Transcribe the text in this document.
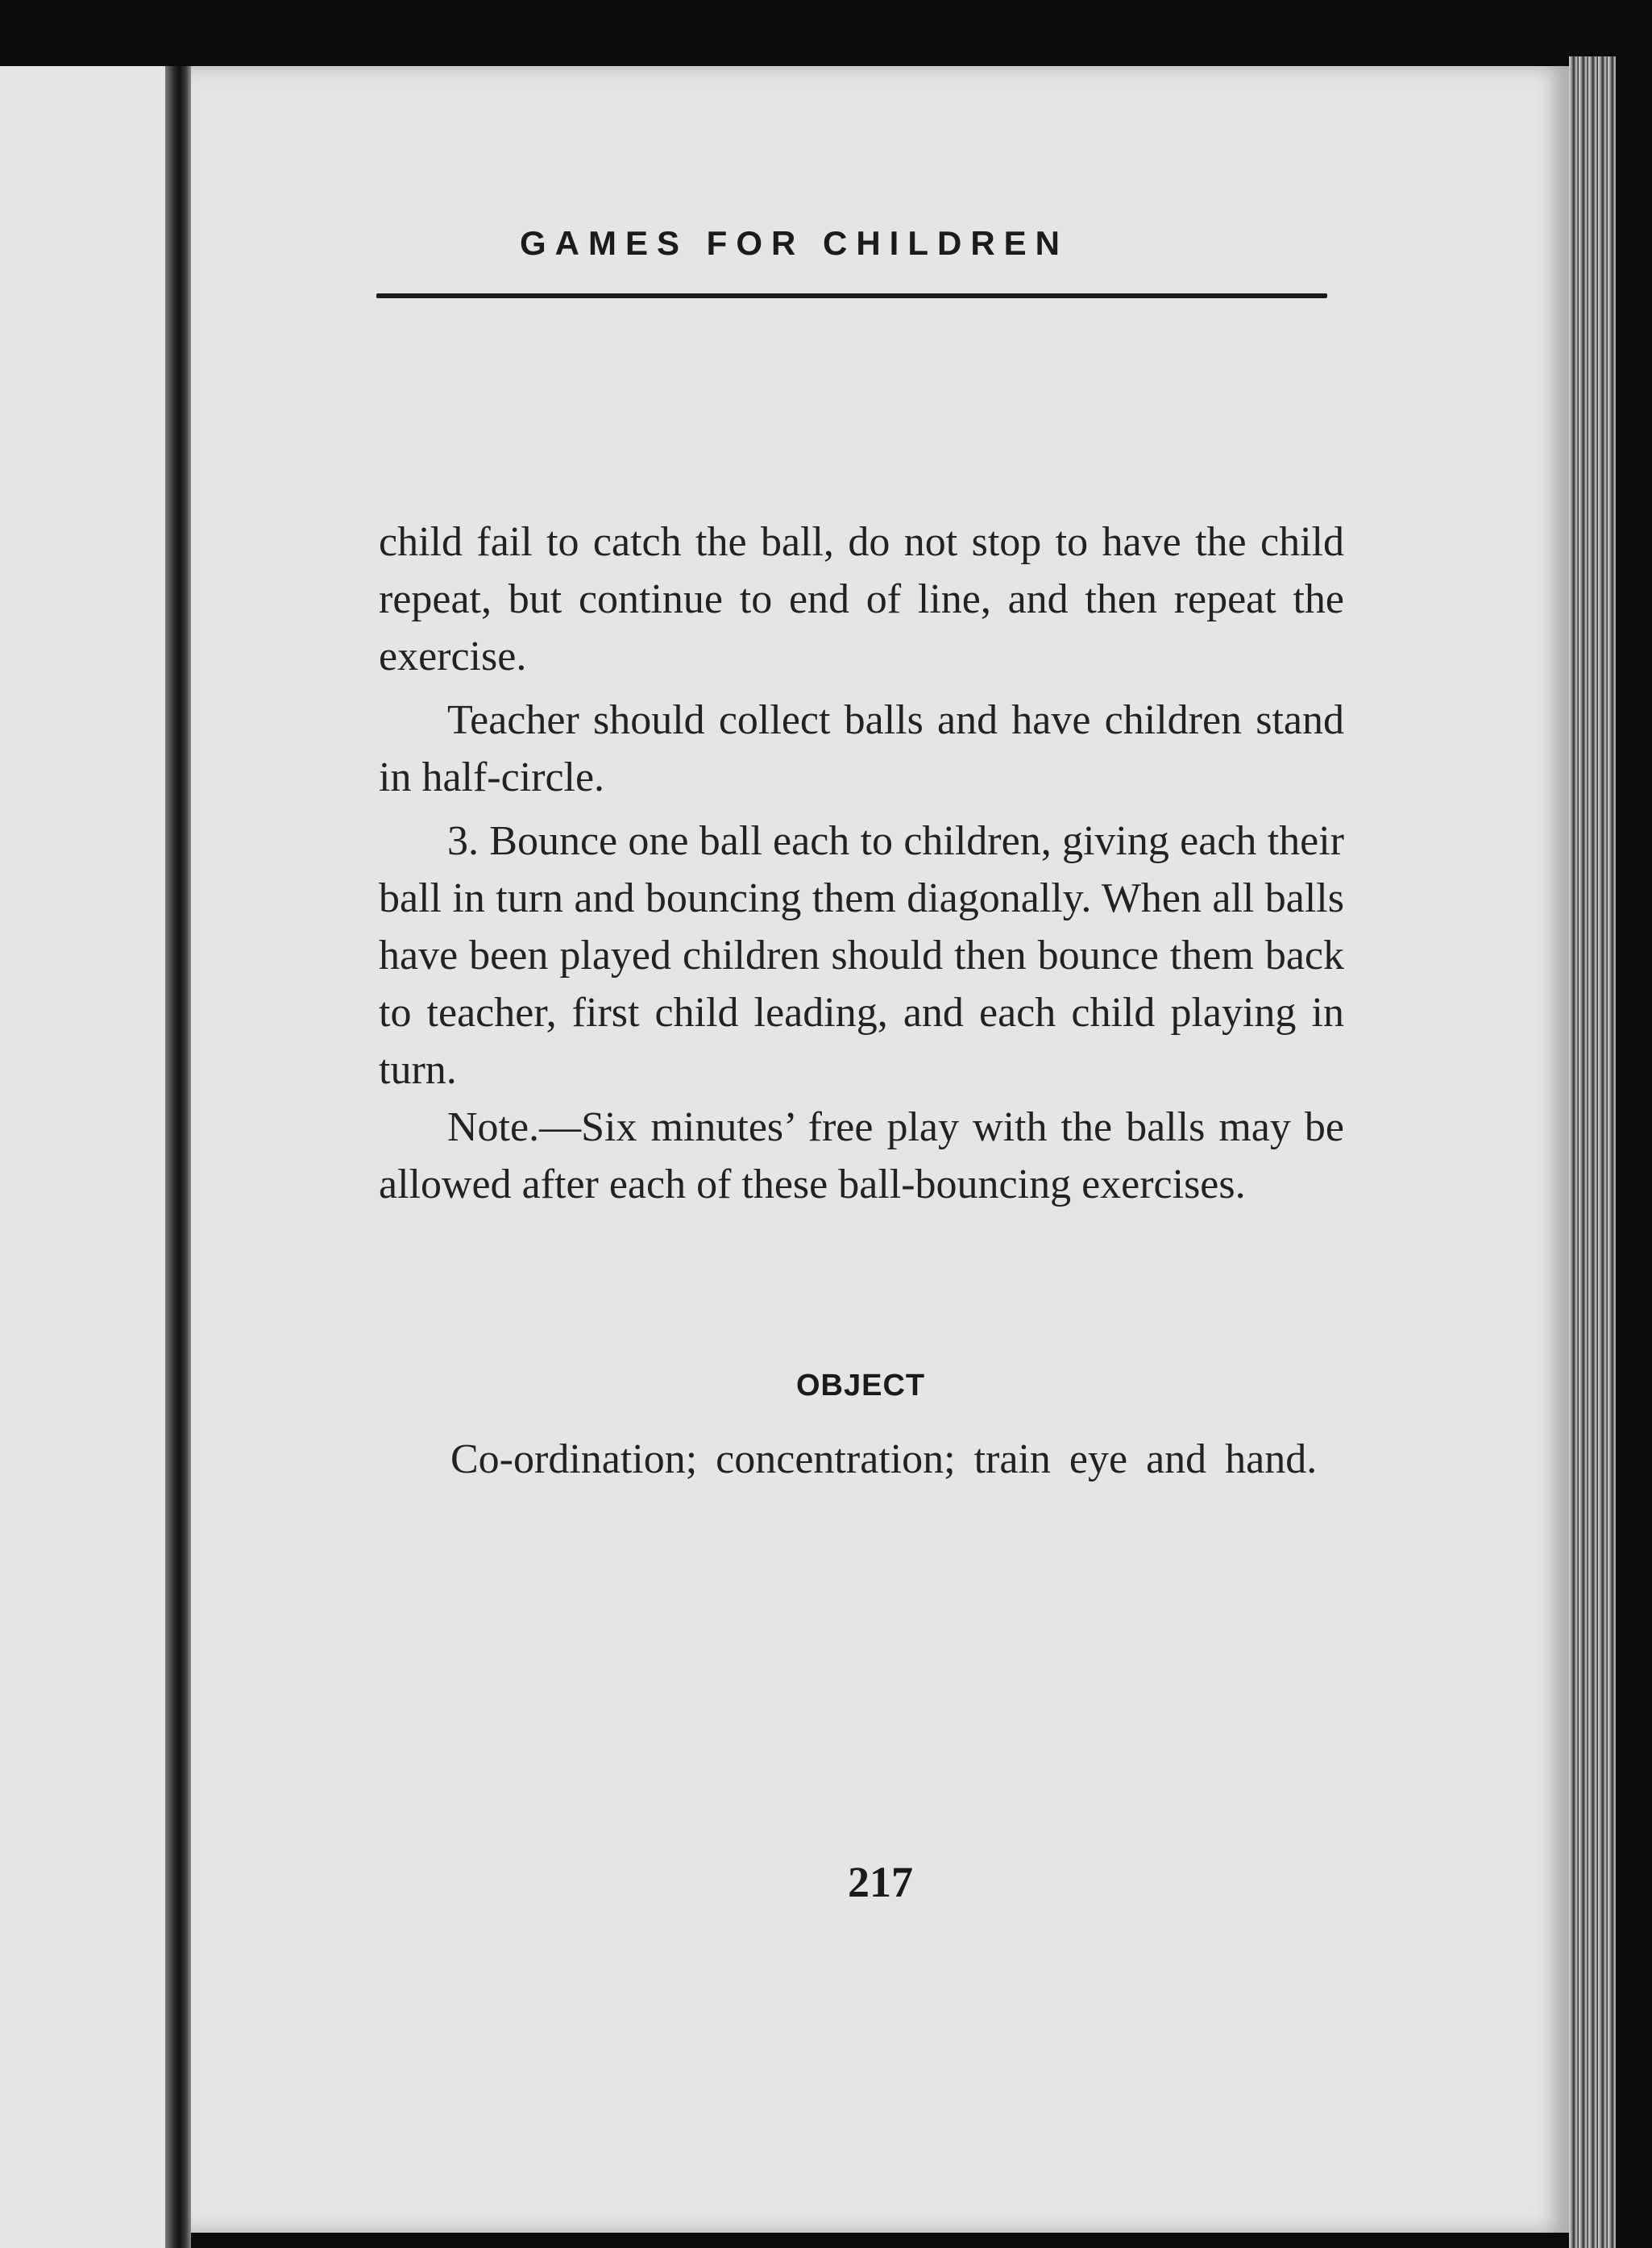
GAMES FOR CHILDREN

child fail to catch the ball, do not stop to have the child repeat, but continue to end of line, and then repeat the exercise.

Teacher should collect balls and have children stand in half-circle.

3. Bounce one ball each to children, giving each their ball in turn and bouncing them diagonally. When all balls have been played children should then bounce them back to teacher, first child leading, and each child playing in turn.

Note.—Six minutes’ free play with the balls may be allowed after each of these ball-bouncing exercises.

OBJECT

Co-ordination; concentration; train eye and hand.

217
